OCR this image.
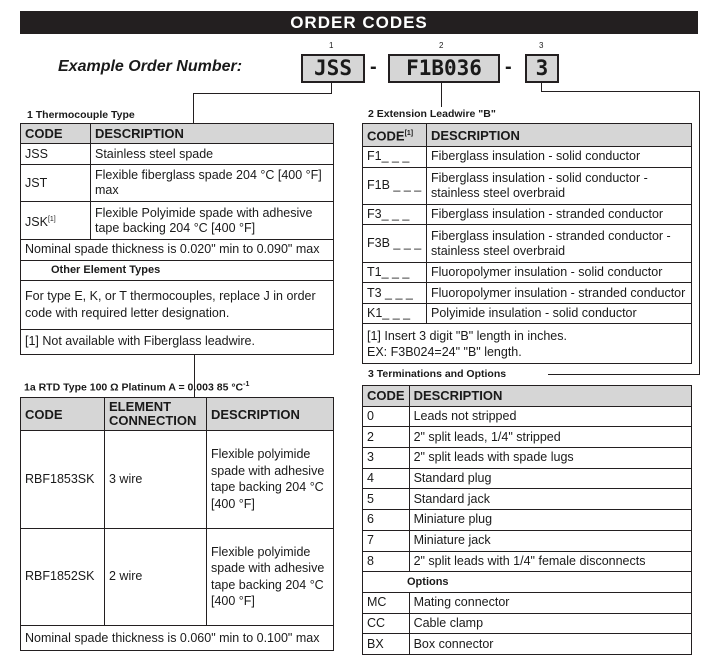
ORDER CODES
Example Order Number:
1
JSS -
2
F1B036	-
3
3
1 Thermocouple Type
CODE	DESCRIPTION
JSS	Stainless steel spade
JST	Flexible fiberglass spade 204 °C [400 °F] max
JSK[1]	Flexible Polyimide spade with adhesive tape backing 204 °C [400 °F]
Nominal spade thickness is 0.020" min to 0.090" max	
Other Element Types	
For type E, K, or T thermocouples, replace J in order code with required letter designation.	
[1] Not available with Fiberglass leadwire.	
1a RTD Type 100 Ω Platinum A = 0.003 85 $^\circ C^{-1}$
CODE	ELEMENT CONNECTION	DESCRIPTION
RBF1853SK	3 wire	Flexible polyimide spade with adhesive tape backing 204 °C [400 °F]
RBF1852SK	2 wire	Flexible polyimide spade with adhesive tape backing 204 °C [400 °F]
Nominal spade thickness is 0.060" min to 0.100" max		
2 Extension Leadwire "B"
CODE[1]	DESCRIPTION
F1_ _ _	Fiberglass insulation - solid conductor
F1B _ _ _	Fiberglass insulation - solid conductor - stainless steel overbraid
F3_ _ _	Fiberglass insulation - stranded conductor
F3B _ _ _	Fiberglass insulation - stranded conductor - stainless steel overbraid
T1_ _ _	Fluoropolymer insulation - solid conductor
T3 _ _ _	Fluoropolymer insulation - stranded conductor
K1_ _ _	Polyimide insulation - solid conductor

[1] Insert 3 digit "B" length in inches.
EX: F3B024=24" "B" length.	
3 Terminations and Options
CODE	DESCRIPTION
0	Leads not stripped
2	2" split leads, 1/4" stripped
3	2" split leads with spade lugs
4	Standard plug
5	Standard jack
6	Miniature plug
7	Miniature jack
8	2" split leads with 1/4" female disconnects
Options	
MC	Mating connector
CC	Cable clamp
BX	Box connector
